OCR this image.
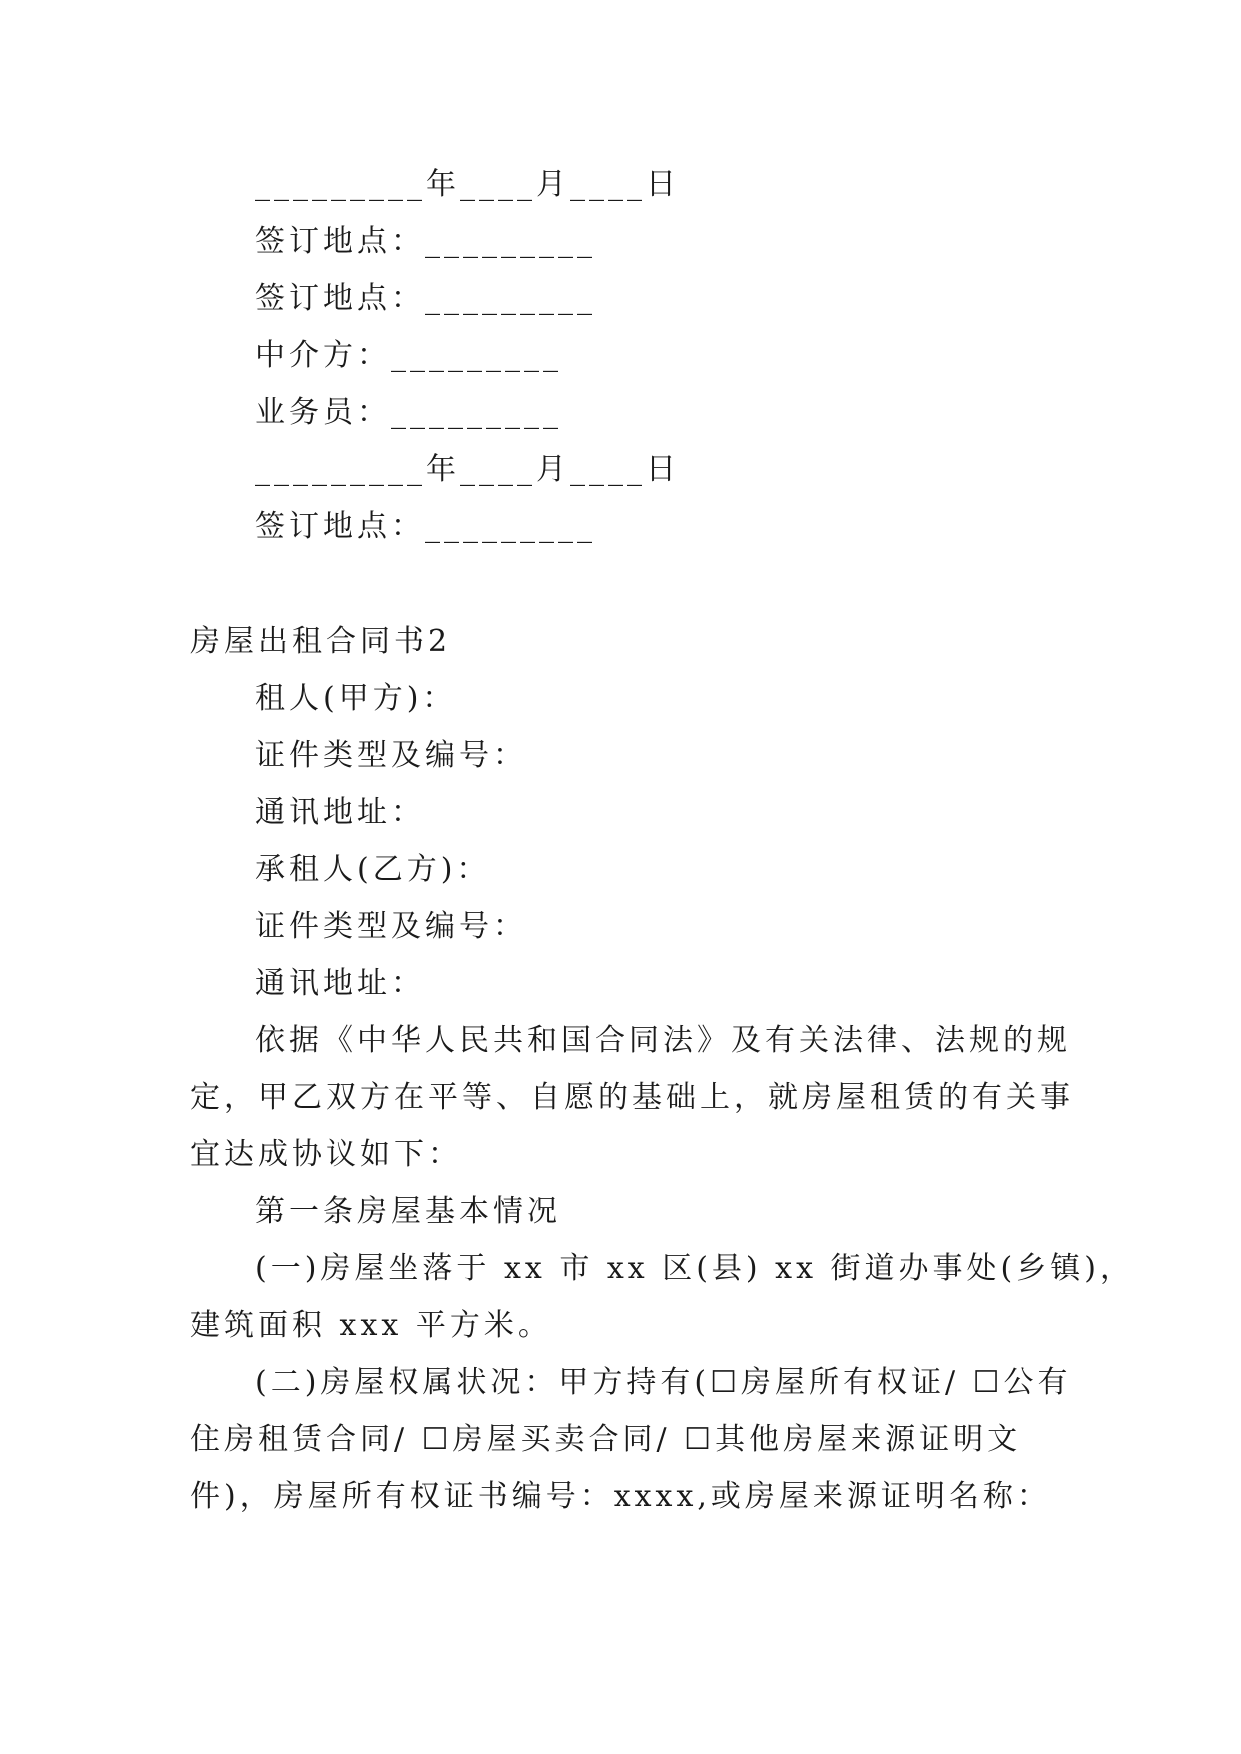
_________年____月____日
签订地点：_________
签订地点：_________
中介方：_________
业务员：_________
_________年____月____日
签订地点：_________
房屋出租合同书2
租人(甲方)：
证件类型及编号：
通讯地址：
承租人(乙方)：
证件类型及编号：
通讯地址：
依据《中华人民共和国合同法》及有关法律、法规的规
定，甲乙双方在平等、自愿的基础上，就房屋租赁的有关事
宜达成协议如下：
第一条房屋基本情况
(一)房屋坐落于 xx 市 xx 区(县) xx 街道办事处(乡镇)，
建筑面积 xxx 平方米。
(二)房屋权属状况：甲方持有(☐房屋所有权证/ ☐公有
住房租赁合同/ ☐房屋买卖合同/ ☐其他房屋来源证明文
件)，房屋所有权证书编号：xxxx,或房屋来源证明名称：
